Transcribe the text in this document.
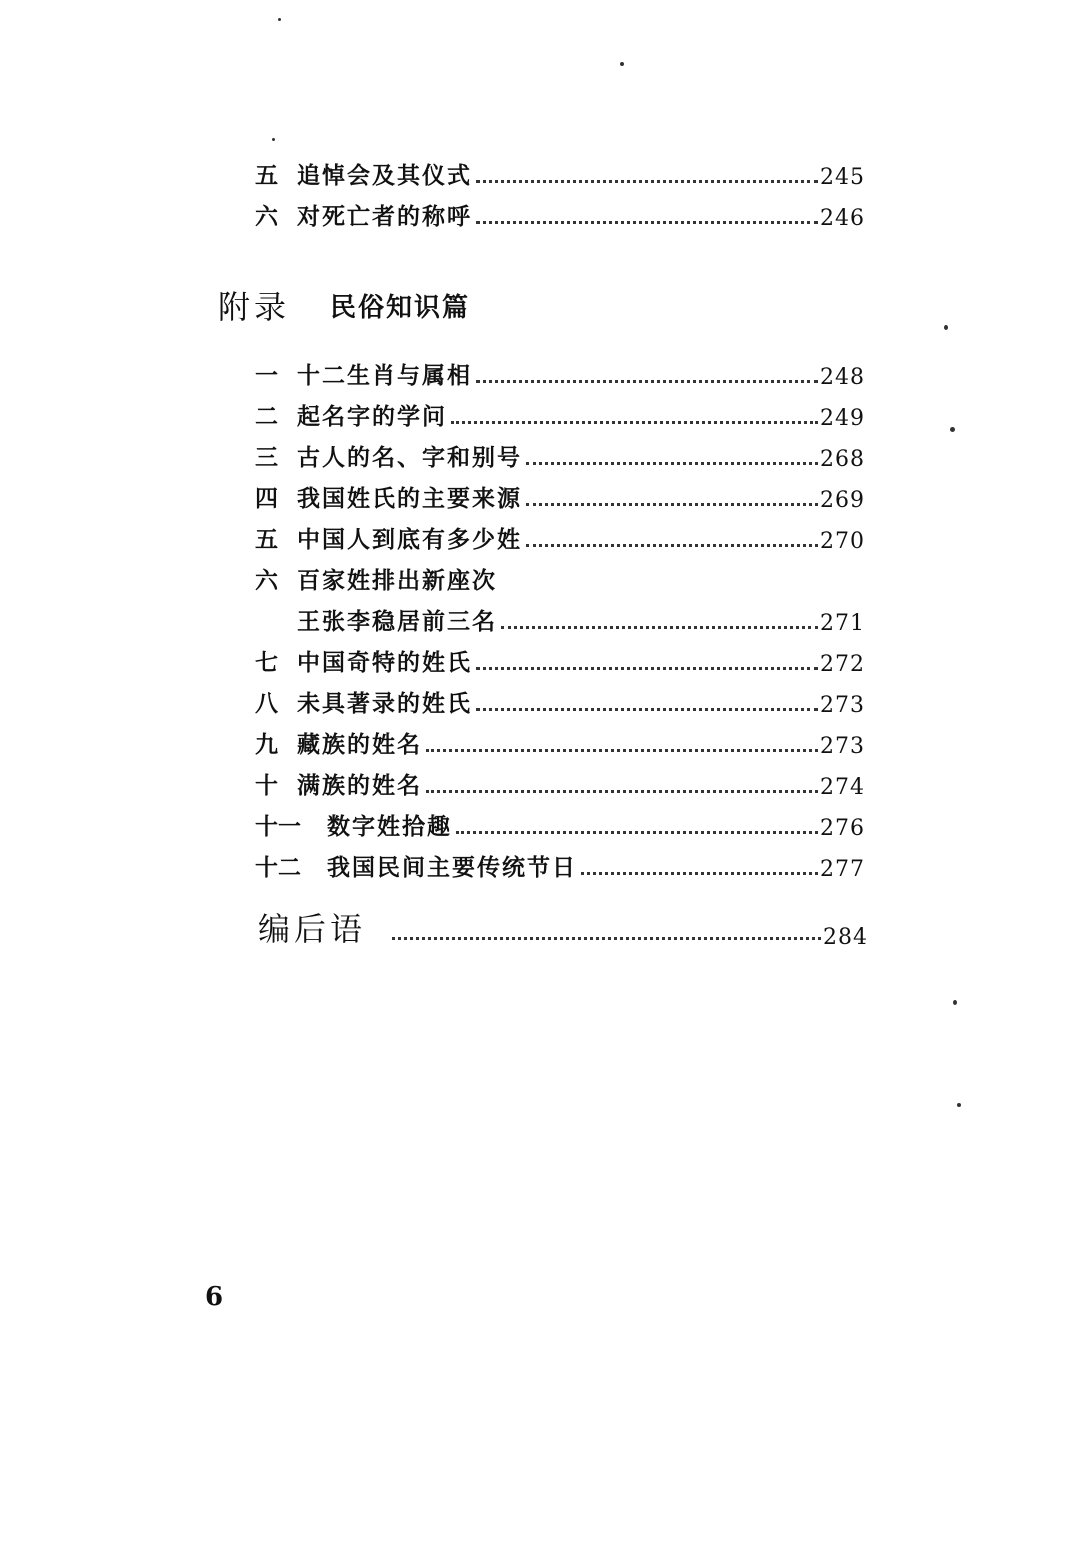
五 追悼会及其仪式	245
六 对死亡者的称呼	246
附录 民俗知识篇
一 十二生肖与属相	248
二 起名字的学问	249
三 古人的名、字和别号	268
四 我国姓氏的主要来源	269
五 中国人到底有多少姓	270
六 百家姓排出新座次
王张李稳居前三名	271
七 中国奇特的姓氏	272
八 未具著录的姓氏	273
九 藏族的姓名	273
十 满族的姓名	274
十一	数字姓拾趣	276
十二	我国民间主要传统节日	277
编后语	284
6
